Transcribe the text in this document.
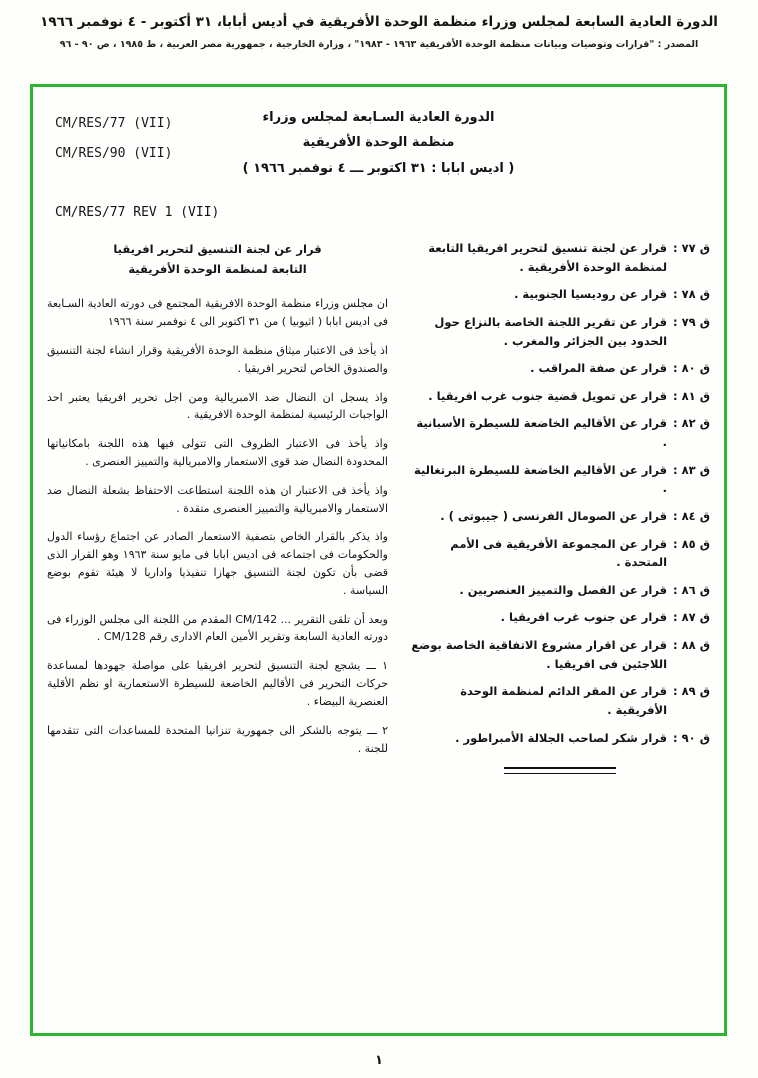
الدورة العادية السابعة لمجلس وزراء منظمة الوحدة الأفريقية في أديس أبابا، ٣١ أكتوبر - ٤ نوفمبر ١٩٦٦
المصدر : "قرارات وتوصيات وبيانات منظمة الوحدة الأفريقية ١٩٦٣ - ١٩٨٣" ، وزارة الخارجية ، جمهورية مصر العربية ، ط ١٩٨٥ ، ص ٩٠ - ٩٦
CM/RES/77 (VII)
CM/RES/90 (VII)
الدورة العادية السـابعة لمجلس وزراء
منظمة الوحدة الأفريقية
( اديس ابابا : ٣١ اكتوبر ـــ ٤ نوفمبر ١٩٦٦ )
CM/RES/77 REV 1 (VII)
ق ٧٧ :
قرار عن لجنة تنسيق لتحرير افريقيا التابعة لمنظمة الوحدة الأفريقية .
ق ٧٨ :
قرار عن روديسيا الجنوبية .
ق ٧٩ :
قرار عن تقرير اللجنة الخاصة بالنزاع حول الحدود بين الجزائر والمغرب .
ق ٨٠ :
قرار عن صفة المراقب .
ق ٨١ :
قرار عن تمويل قضية جنوب غرب افريقيا .
ق ٨٢ :
قرار عن الأقاليم الخاضعة للسيطرة الأسبانية .
ق ٨٣ :
قرار عن الأقاليم الخاضعة للسيطرة البرتغالية .
ق ٨٤ :
قرار عن الصومال الفرنسى ( جيبوتى ) .
ق ٨٥ :
قرار عن المجموعة الأفريقية فى الأمم المتحدة .
ق ٨٦ :
قرار عن الفصل والتمييز العنصريين .
ق ٨٧ :
قرار عن جنوب غرب افريقيا .
ق ٨٨ :
قرار عن اقرار مشروع الاتفاقية الخاصة بوضع اللاجئين فى افريقيا .
ق ٨٩ :
قرار عن المقر الدائم لمنظمة الوحدة الأفريقية .
ق ٩٠ :
قرار شكر لصاحب الجلالة الأمبراطور .
قرار عن لجنة التنسيق لتحرير افريقيا
التابعة لمنظمة الوحدة الأفريقية

ان مجلس وزراء منظمة الوحدة الافريقية المجتمع فى دورته العادية السـابعة فى اديس ابابا ( اثيوبيا ) من ٣١ اكتوبر الى ٤ نوفمبر سنة ١٩٦٦

اذ يأخذ فى الاعتبار ميثاق منظمة الوحدة الأفريقية وقرار انشاء لجنة التنسيق والصندوق الخاص لتحرير افريقيا .

واذ يسجل ان النضال ضد الامبريالية ومن اجل تحرير افريقيا يعتبر احد الواجبات الرئيسية لمنظمة الوحدة الافريقية .

واذ يأخذ فى الاعتبار الظروف التى تتولى فيها هذه اللجنة بامكانياتها المحدودة النضال ضد قوى الاستعمار والامبريالية والتمييز العنصرى .

واذ يأخذ فى الاعتبار ان هذه اللجنة استطاعت الاحتفاظ بشعلة النضال ضد الاستعمار والامبريالية والتمييز العنصرى متقدة .

واذ يذكر بالقرار الخاص بتصفية الاستعمار الصادر عن اجتماع رؤساء الدول والحكومات فى اجتماعه فى اديس ابابا فى مايو سنة ١٩٦٣ وهو القرار الذى قضى بأن تكون لجنة التنسيق جهازا تنفيذيا واداريا لا هيئة تقوم بوضع السياسة .

وبعد أن تلقى التقرير ... CM/142 المقدم من اللجنة الى مجلس الوزراء فى دورته العادية السابعة وتقرير الأمين العام الادارى رقم CM/128 .

١ ـــ يشجع لجنة التنسيق لتحرير افريقيا على مواصلة جهودها لمساعدة حركات التحرير فى الأقاليم الخاضعة للسيطرة الاستعمارية او نظم الأقلية العنصرية البيضاء .

٢ ـــ يتوجه بالشكر الى جمهورية تنزانيا المتحدة للمساعدات التى تتقدمها للجنة .

١
